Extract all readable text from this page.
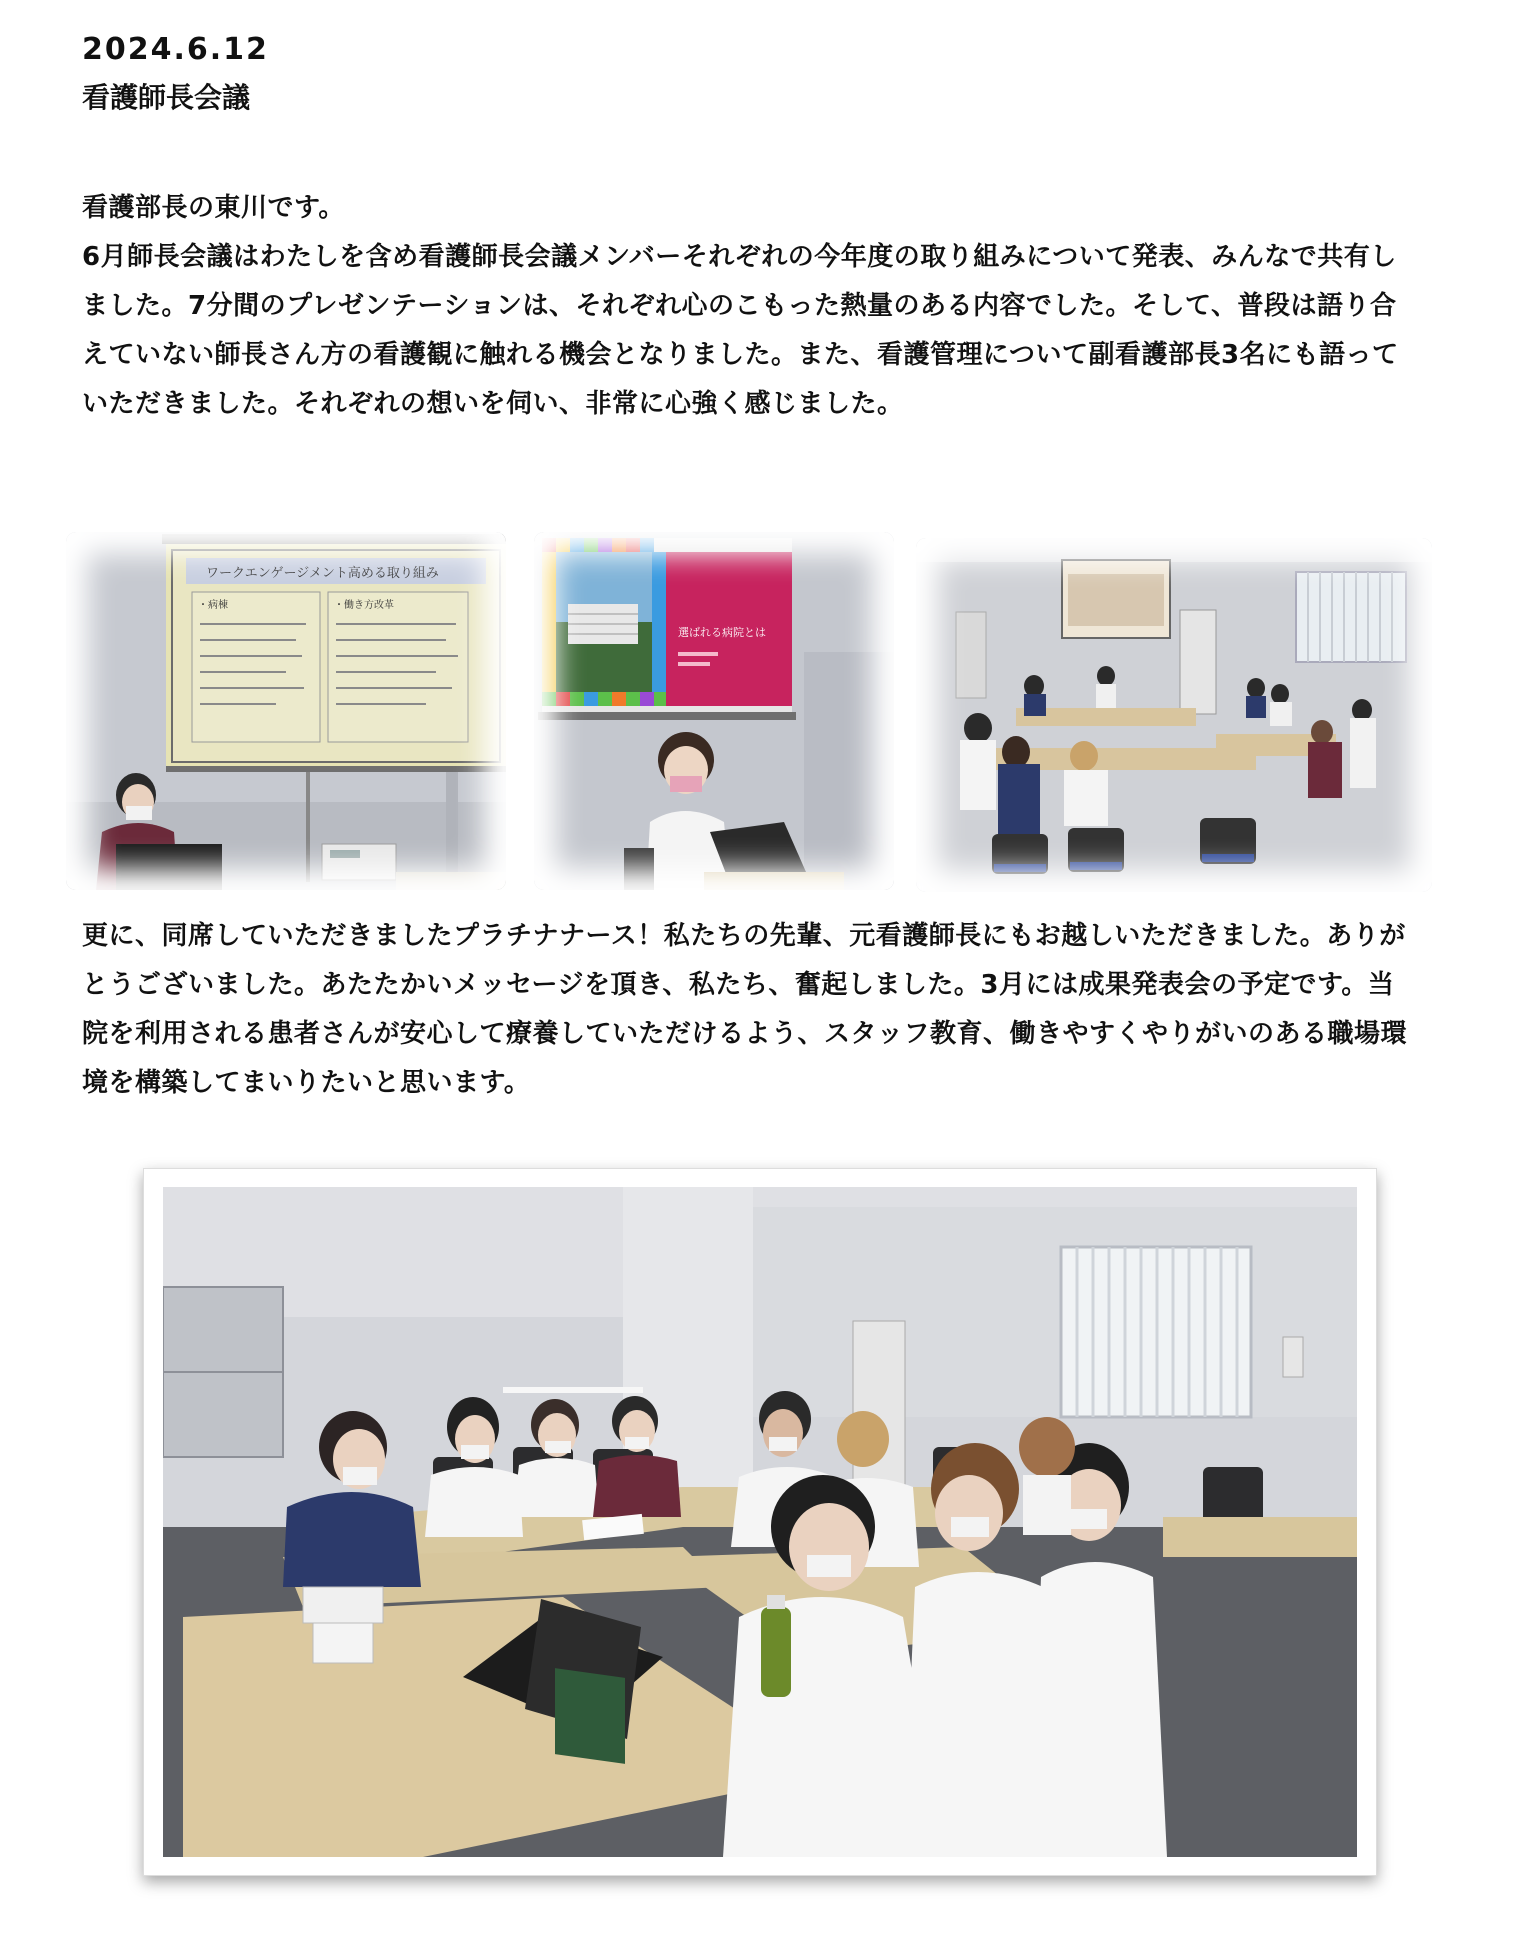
2024.6.12
看護師長会議
看護部長の東川です。
6月師長会議はわたしを含め看護師長会議メンバーそれぞれの今年度の取り組みについて発表、みんなで共有しました。7分間のプレゼンテーションは、それぞれ心のこもった熱量のある内容でした。そして、普段は語り合えていない師長さん方の看護観に触れる機会となりました。また、看護管理について副看護部長3名にも語っていただきました。それぞれの想いを伺い、非常に心強く感じました。
ワークエンゲージメント高める取り組み
・病棟	・働き方改革
選ばれる病院とは
更に、同席していただきましたプラチナナース！私たちの先輩、元看護師長にもお越しいただきました。ありがとうございました。あたたかいメッセージを頂き、私たち、奮起しました。3月には成果発表会の予定です。当院を利用される患者さんが安心して療養していただけるよう、スタッフ教育、働きやすくやりがいのある職場環境を構築してまいりたいと思います。
